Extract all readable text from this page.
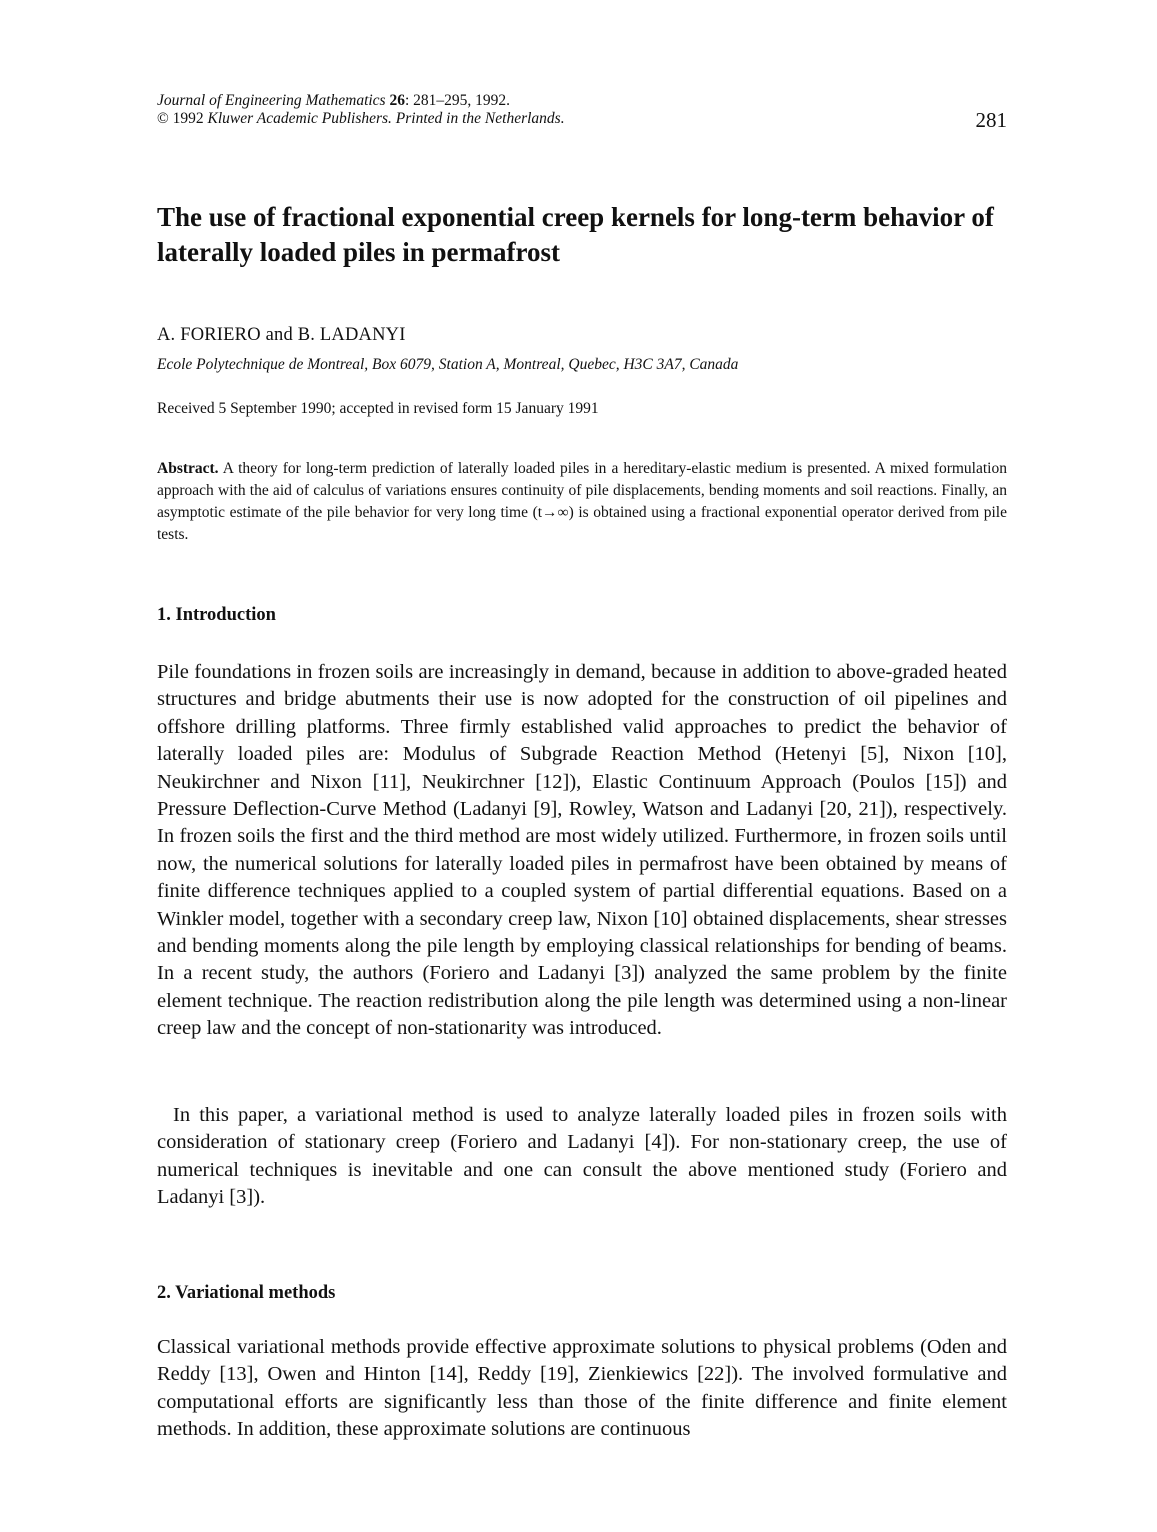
Journal of Engineering Mathematics 26: 281–295, 1992.
© 1992 Kluwer Academic Publishers. Printed in the Netherlands.	281
The use of fractional exponential creep kernels for long-term behavior of laterally loaded piles in permafrost
A. FORIERO and B. LADANYI
Ecole Polytechnique de Montreal, Box 6079, Station A, Montreal, Quebec, H3C 3A7, Canada
Received 5 September 1990; accepted in revised form 15 January 1991

Abstract. A theory for long-term prediction of laterally loaded piles in a hereditary-elastic medium is presented. A mixed formulation approach with the aid of calculus of variations ensures continuity of pile displacements, bending moments and soil reactions. Finally, an asymptotic estimate of the pile behavior for very long time (t→∞) is obtained using a fractional exponential operator derived from pile tests.

1. Introduction

Pile foundations in frozen soils are increasingly in demand, because in addition to above-graded heated structures and bridge abutments their use is now adopted for the construction of oil pipelines and offshore drilling platforms. Three firmly established valid approaches to predict the behavior of laterally loaded piles are: Modulus of Subgrade Reaction Method (Hetenyi [5], Nixon [10], Neukirchner and Nixon [11], Neukirchner [12]), Elastic Continuum Approach (Poulos [15]) and Pressure Deflection-Curve Method (Ladanyi [9], Rowley, Watson and Ladanyi [20, 21]), respectively. In frozen soils the first and the third method are most widely utilized. Furthermore, in frozen soils until now, the numerical solutions for laterally loaded piles in permafrost have been obtained by means of finite difference techniques applied to a coupled system of partial differential equations. Based on a Winkler model, together with a secondary creep law, Nixon [10] obtained displacements, shear stresses and bending moments along the pile length by employing classical relationships for bending of beams. In a recent study, the authors (Foriero and Ladanyi [3]) analyzed the same problem by the finite element technique. The reaction redistribution along the pile length was determined using a non-linear creep law and the concept of non-stationarity was introduced.

In this paper, a variational method is used to analyze laterally loaded piles in frozen soils with consideration of stationary creep (Foriero and Ladanyi [4]). For non-stationary creep, the use of numerical techniques is inevitable and one can consult the above mentioned study (Foriero and Ladanyi [3]).

2. Variational methods

Classical variational methods provide effective approximate solutions to physical problems (Oden and Reddy [13], Owen and Hinton [14], Reddy [19], Zienkiewics [22]). The involved formulative and computational efforts are significantly less than those of the finite difference and finite element methods. In addition, these approximate solutions are continuous
